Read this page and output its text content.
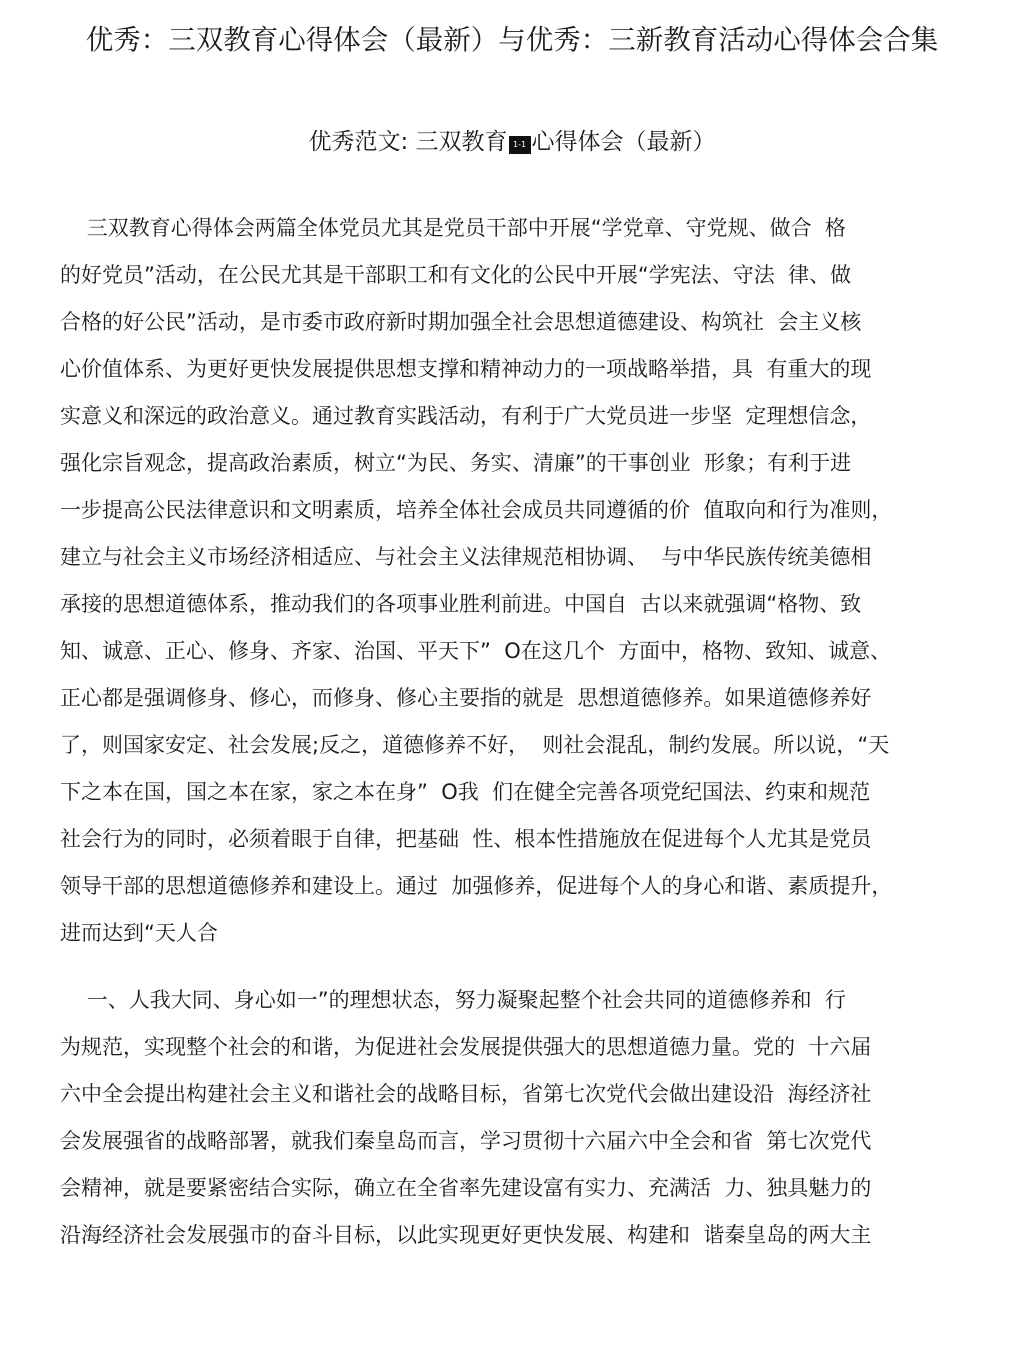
优秀：三双教育心得体会（最新）与优秀：三新教育活动心得体会合集
优秀范文: 三双教育 1-1 心得体会（最新）
三双教育心得体会两篇全体党员尤其是党员干部中开展“学党章、守党规、做合  格
的好党员”活动，在公民尤其是干部职工和有文化的公民中开展“学宪法、守法  律、做
合格的好公民”活动，是市委市政府新时期加强全社会思想道德建设、构筑社  会主义核
心价值体系、为更好更快发展提供思想支撑和精神动力的一项战略举措，具  有重大的现
实意义和深远的政治意义。通过教育实践活动，有利于广大党员进一步坚  定理想信念，
强化宗旨观念，提高政治素质，树立“为民、务实、清廉”的干事创业  形象；有利于进
一步提高公民法律意识和文明素质，培养全体社会成员共同遵循的价  值取向和行为准则，
建立与社会主义市场经济相适应、与社会主义法律规范相协调、  与中华民族传统美德相
承接的思想道德体系，推动我们的各项事业胜利前进。中国自  古以来就强调“格物、致
知、诚意、正心、修身、齐家、治国、平天下”  O在这几个  方面中，格物、致知、诚意、
正心都是强调修身、修心，而修身、修心主要指的就是  思想道德修养。如果道德修养好
了，则国家安定、社会发展;反之，道德修养不好，  则社会混乱，制约发展。所以说，“天
下之本在国，国之本在家，家之本在身”  O我  们在健全完善各项党纪国法、约束和规范
社会行为的同时，必须着眼于自律，把基础  性、根本性措施放在促进每个人尤其是党员
领导干部的思想道德修养和建设上。通过  加强修养，促进每个人的身心和谐、素质提升，
进而达到“天人合
一、人我大同、身心如一”的理想状态，努力凝聚起整个社会共同的道德修养和  行
为规范，实现整个社会的和谐，为促进社会发展提供强大的思想道德力量。党的  十六届
六中全会提出构建社会主义和谐社会的战略目标，省第七次党代会做出建设沿  海经济社
会发展强省的战略部署，就我们秦皇岛而言，学习贯彻十六届六中全会和省  第七次党代
会精神，就是要紧密结合实际，确立在全省率先建设富有实力、充满活  力、独具魅力的
沿海经济社会发展强市的奋斗目标，以此实现更好更快发展、构建和  谐秦皇岛的两大主
